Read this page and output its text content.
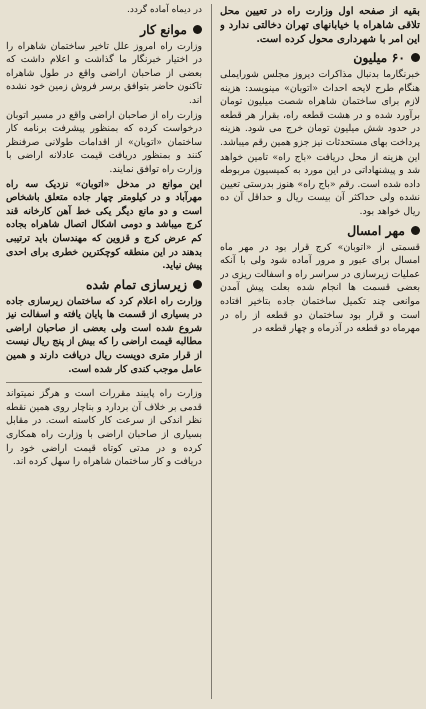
بقیه از صفحه اول وزارت راه در تعیین محل تلاقی شاهراه با خیابانهای تهران دخالتی ندارد و این امر با شهرداری محول کرده است.

۶۰ میلیون

خبرنگارما بدنبال مذاکرات دیروز مجلس شورایملی هنگام طرح لایحه احداث «اتوبان» مینویسد: هزینه لازم برای ساختمان شاهراه شصت میلیون تومان برآورد شده و در هشت قطعه راه، بقرار هر قطعه در حدود شش میلیون تومان خرج می شود. هزینه پرداخت بهای مستحدثات نیز جزو همین رقم میباشد.

این هزینه از محل دریافت «باج راه» تامین خواهد شد و پیشنهاداتی در این مورد به کمیسیون مربوطه داده شده است. رقم «باج راه» هنوز بدرستی تعیین نشده ولی حداکثر آن بیست ریال و حداقل آن ده ریال خواهد بود.

مهر امسال

قسمتی از «اتوبان» کرج قرار بود در مهر ماه امسال برای عبور و مرور آماده شود ولی با آنکه عملیات زیرسازی در سراسر راه و اسفالت ریزی در بعضی قسمت ها انجام شده بعلت پیش آمدن موانعی چند تکمیل ساختمان جاده بتاخیر افتاده است و قرار بود ساختمان دو قطعه از راه در مهرماه دو قطعه در آذرماه و چهار قطعه در

در دیماه آماده گردد.

موانع کار

وزارت راه امروز علل تاخیر ساختمان شاهراه را در اختیار خبرنگار ما گذاشت و اعلام داشت که بعضی از صاحبان اراضی واقع در طول شاهراه تاکنون حاضر بتوافق برسر فروش زمین خود نشده اند.

وزارت راه از صاحبان اراضی واقع در مسیر اتوبان درخواست کرده که بمنظور پیشرفت برنامه کار ساختمان «اتوبان» از اقدامات طولانی صرفنظر کنند و بمنظور دریافت قیمت عادلانه اراضی با وزارت راه توافق نمایند.

این موانع در مدخل «اتوبان» نزدیک سه راه مهرآباد و در کیلومتر چهار جاده متعلق باشخاص است و دو مانع دیگر یکی خط آهن کارخانه قند کرج میباشد و دومی اشکال اتصال شاهراه بجاده کم عرض کرج و قزوین که مهندسان باید ترتیبی بدهند در این منطقه کوچکترین خطری برای احدی پیش نیاید.

زیرسازی تمام شده

وزارت راه اعلام کرد که ساختمان زیرسازی جاده در بسیاری از قسمت ها پایان یافته و اسفالت نیز شروع شده است ولی بعضی از صاحبان اراضی مطالبه قیمت اراضی را که بیش از پنج ریال نیست از قرار متری دویست ریال دریافت دارند و همین عامل موجب کندی کار شده است.

وزارت راه پایبند مقررات است و هرگز نمیتواند قدمی بر خلاف آن بردارد و بناچار روی همین نقطه نظر اندکی از سرعت کار کاسته است. در مقابل بسیاری از صاحبان اراضی با وزارت راه همکاری کرده و در مدتی کوتاه قیمت اراضی خود را دریافت و کار ساختمان شاهراه را سهل کرده اند.
